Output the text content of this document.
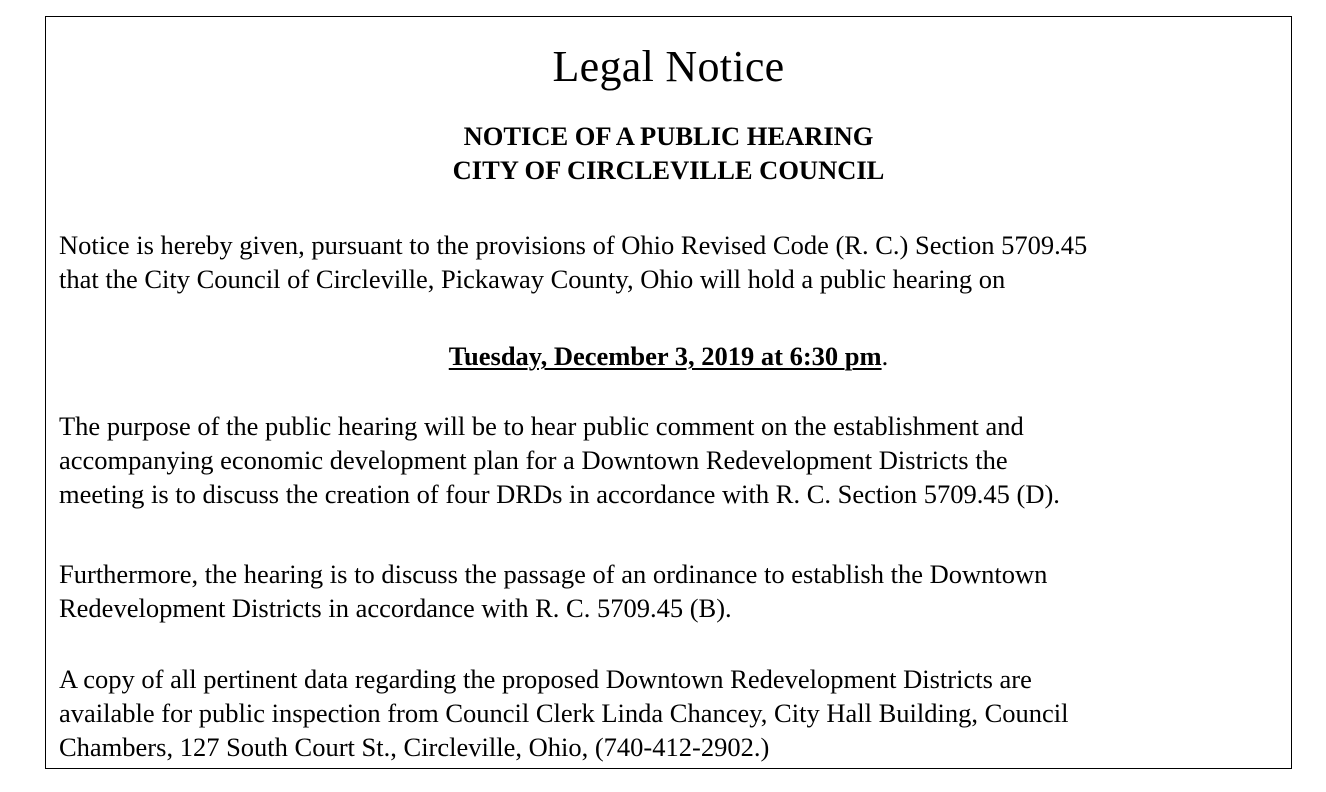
Legal Notice
NOTICE OF A PUBLIC HEARING
CITY OF CIRCLEVILLE COUNCIL

Notice is hereby given, pursuant to the provisions of Ohio Revised Code (R. C.) Section 5709.45
that the City Council of Circleville, Pickaway County, Ohio will hold a public hearing on

Tuesday, December 3, 2019 at 6:30 pm.

The purpose of the public hearing will be to hear public comment on the establishment and
accompanying economic development plan for a Downtown Redevelopment Districts the
meeting is to discuss the creation of four DRDs in accordance with R. C. Section 5709.45 (D).

Furthermore, the hearing is to discuss the passage of an ordinance to establish the Downtown
Redevelopment Districts in accordance with R. C. 5709.45 (B).

A copy of all pertinent data regarding the proposed Downtown Redevelopment Districts are
available for public inspection from Council Clerk Linda Chancey, City Hall Building, Council
Chambers, 127 South Court St., Circleville, Ohio, (740-412-2902.)
